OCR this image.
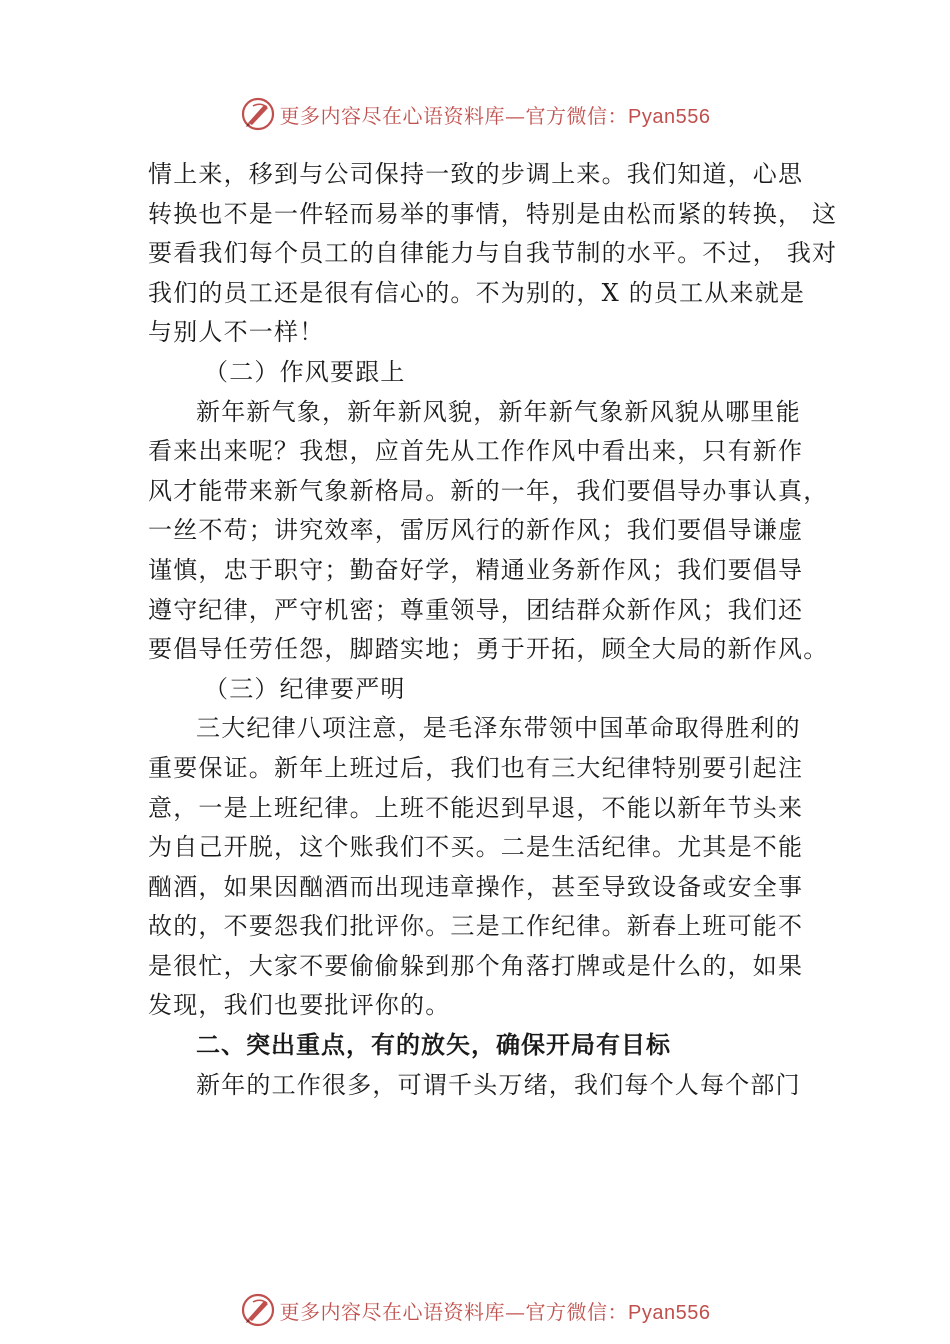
更多内容尽在心语资料库—官方微信：Pyan556

情上来，移到与公司保持一致的步调上来。我们知道，心思
转换也不是一件轻而易举的事情，特别是由松而紧的转换， 这
要看我们每个员工的自律能力与自我节制的水平。不过， 我对
我们的员工还是很有信心的。不为别的，X 的员工从来就是
与别人不一样！

（二）作风要跟上

新年新气象，新年新风貌，新年新气象新风貌从哪里能
看来出来呢？我想，应首先从工作作风中看出来，只有新作
风才能带来新气象新格局。新的一年，我们要倡导办事认真，
一丝不苟；讲究效率，雷厉风行的新作风；我们要倡导谦虚
谨慎，忠于职守；勤奋好学，精通业务新作风；我们要倡导
遵守纪律，严守机密；尊重领导，团结群众新作风；我们还
要倡导任劳任怨，脚踏实地；勇于开拓，顾全大局的新作风。

（三）纪律要严明

三大纪律八项注意，是毛泽东带领中国革命取得胜利的
重要保证。新年上班过后，我们也有三大纪律特别要引起注
意，一是上班纪律。上班不能迟到早退，不能以新年节头来
为自己开脱，这个账我们不买。二是生活纪律。尤其是不能
酗酒，如果因酗酒而出现违章操作，甚至导致设备或安全事
故的，不要怨我们批评你。三是工作纪律。新春上班可能不
是很忙，大家不要偷偷躲到那个角落打牌或是什么的，如果
发现，我们也要批评你的。

二、突出重点，有的放矢，确保开局有目标

新年的工作很多，可谓千头万绪，我们每个人每个部门

更多内容尽在心语资料库—官方微信：Pyan556
